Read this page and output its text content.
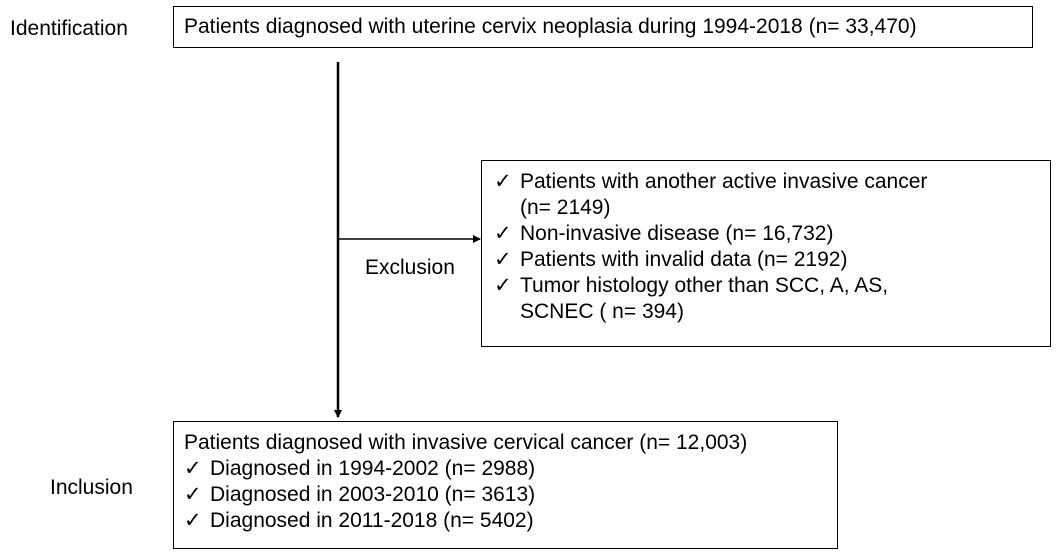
Identification
Exclusion
Inclusion
Patients diagnosed with uterine cervix neoplasia during 1994-2018 (n= 33,470)
✓ Patients with another active invasive cancer
(n= 2149)
✓ Non-invasive disease (n= 16,732)
✓ Patients with invalid data (n= 2192)
✓ Tumor histology other than SCC, A, AS,
SCNEC ( n= 394)
Patients diagnosed with invasive cervical cancer (n= 12,003)
✓ Diagnosed in 1994-2002 (n= 2988)
✓ Diagnosed in 2003-2010 (n= 3613)
✓ Diagnosed in 2011-2018 (n= 5402)
